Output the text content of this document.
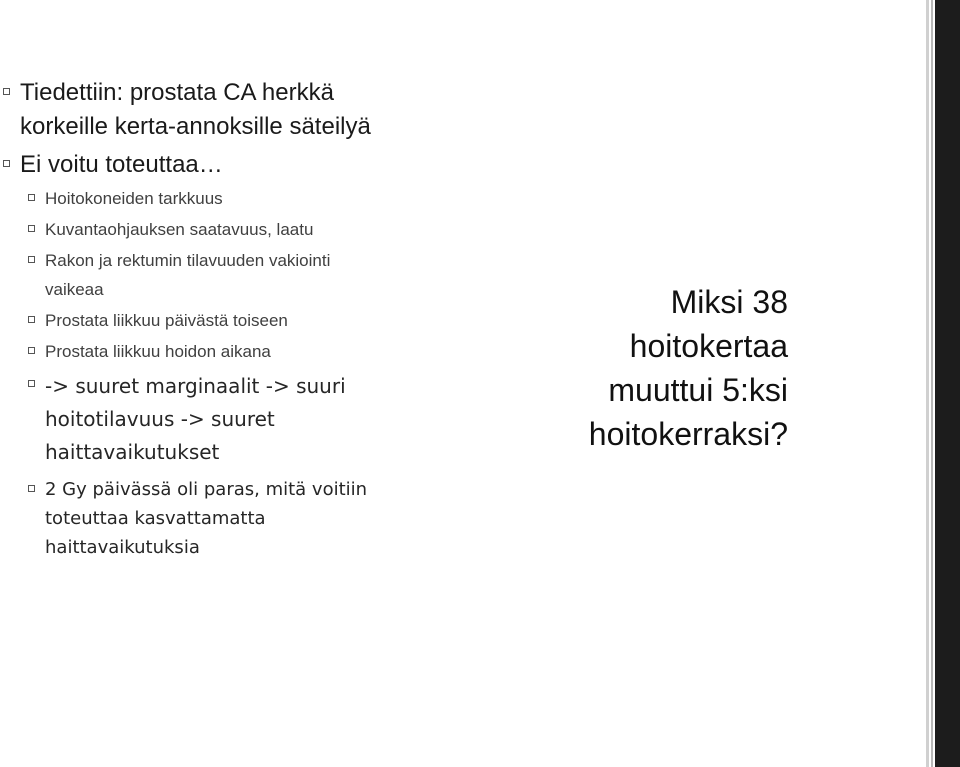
Tiedettiin: prostata CA herkkä korkeille kerta-annoksille säteilyä
Ei voitu toteuttaa…
Hoitokoneiden tarkkuus
Kuvantaohjauksen saatavuus, laatu
Rakon ja rektumin tilavuuden vakiointi vaikeaa
Prostata liikkuu päivästä toiseen
Prostata liikkuu hoidon aikana
-> suuret marginaalit -> suuri hoitotilavuus -> suuret haittavaikutukset
2 Gy päivässä oli paras, mitä voitiin toteuttaa kasvattamatta haittavaikutuksia
Miksi 38
hoitokertaa
muuttui 5:ksi
hoitokerraksi?
